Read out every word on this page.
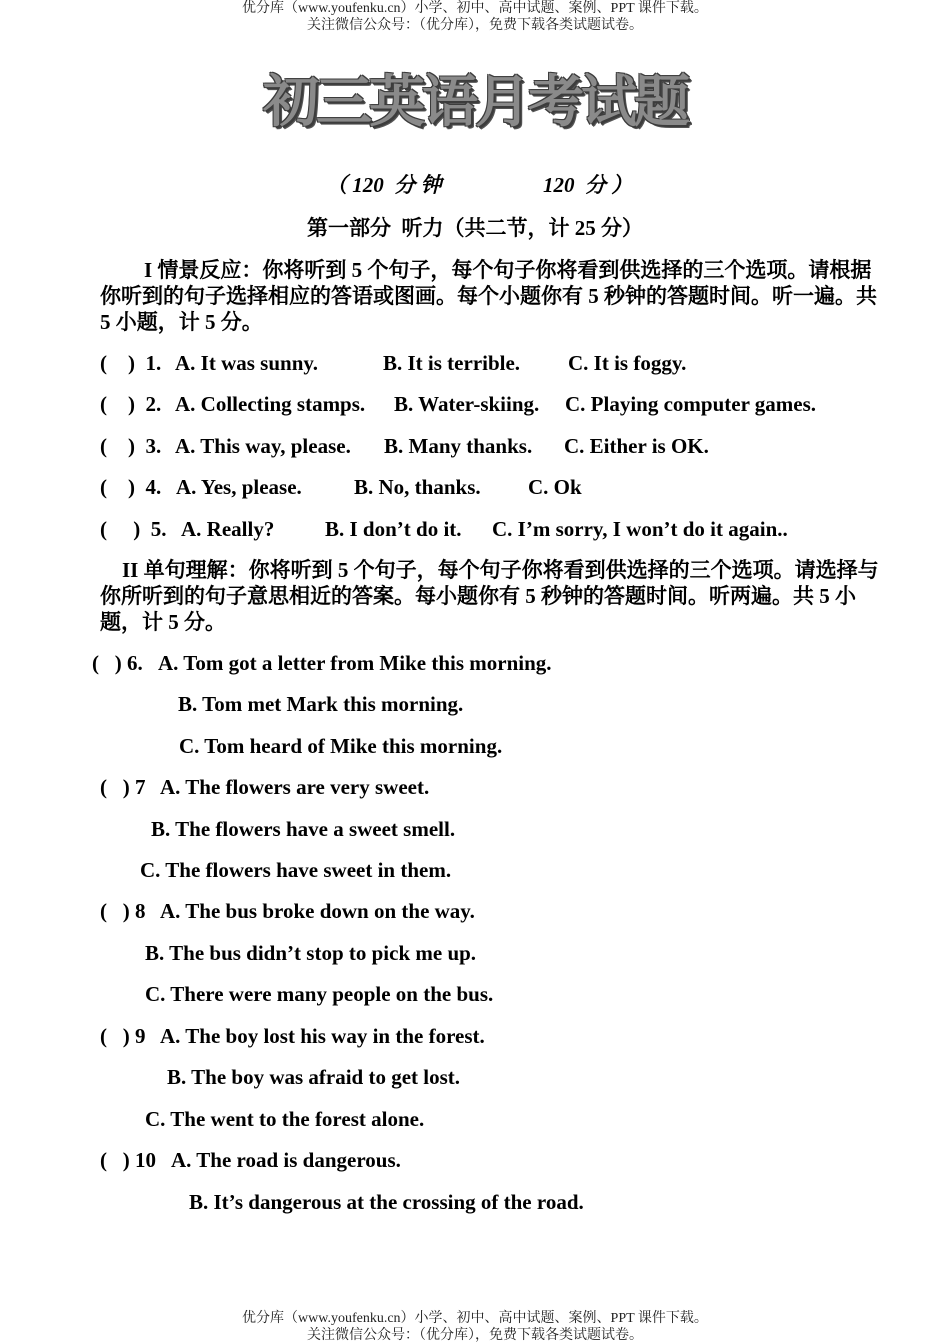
优分库（www.youfenku.cn）小学、初中、高中试题、案例、PPT 课件下载。
关注微信公众号：（优分库），免费下载各类试题试卷。
初三英语月考试题
（ 120  分 钟	120  分 ）
第一部分  听力（共二节，计 25 分）

I 情景反应：你将听到 5 个句子，每个句子你将看到供选择的三个选项。请根据你听到的句子选择相应的答语或图画。每个小题你有 5 秒钟的答题时间。听一遍。共 5 小题，计 5 分。

(    )  1.

A. It was sunny.

	B. It is terrible.

C. It is foggy.

(    )  2.

A. Collecting stamps.

B. Water-skiing.

C. Playing computer games.

(    )  3.

A. This way, please.

B. Many thanks.

C. Either is OK.

(    )  4.

A. Yes, please.

B. No, thanks.

C. Ok

(     )  5.

A. Really?

B. I don’t do it.

C. I’m sorry, I won’t do it again..

II 单句理解：你将听到 5 个句子，每个句子你将看到供选择的三个选项。请选择与你所听到的句子意思相近的答案。每小题你有 5 秒钟的答题时间。听两遍。共 5 小题，计 5 分。

(   ) 6.

A. Tom got a letter from Mike this morning.

B. Tom met Mark this morning.

C. Tom heard of Mike this morning.

(   ) 7

A. The flowers are very sweet.

B. The flowers have a sweet smell.

C. The flowers have sweet in them.

(   ) 8

A. The bus broke down on the way.

B. The bus didn’t stop to pick me up.

C. There were many people on the bus.

(   ) 9

A. The boy lost his way in the forest.

B. The boy was afraid to get lost.

C. The went to the forest alone.

(   ) 10

A. The road is dangerous.

B. It’s dangerous at the crossing of the road.

优分库（www.youfenku.cn）小学、初中、高中试题、案例、PPT 课件下载。
关注微信公众号：（优分库），免费下载各类试题试卷。
